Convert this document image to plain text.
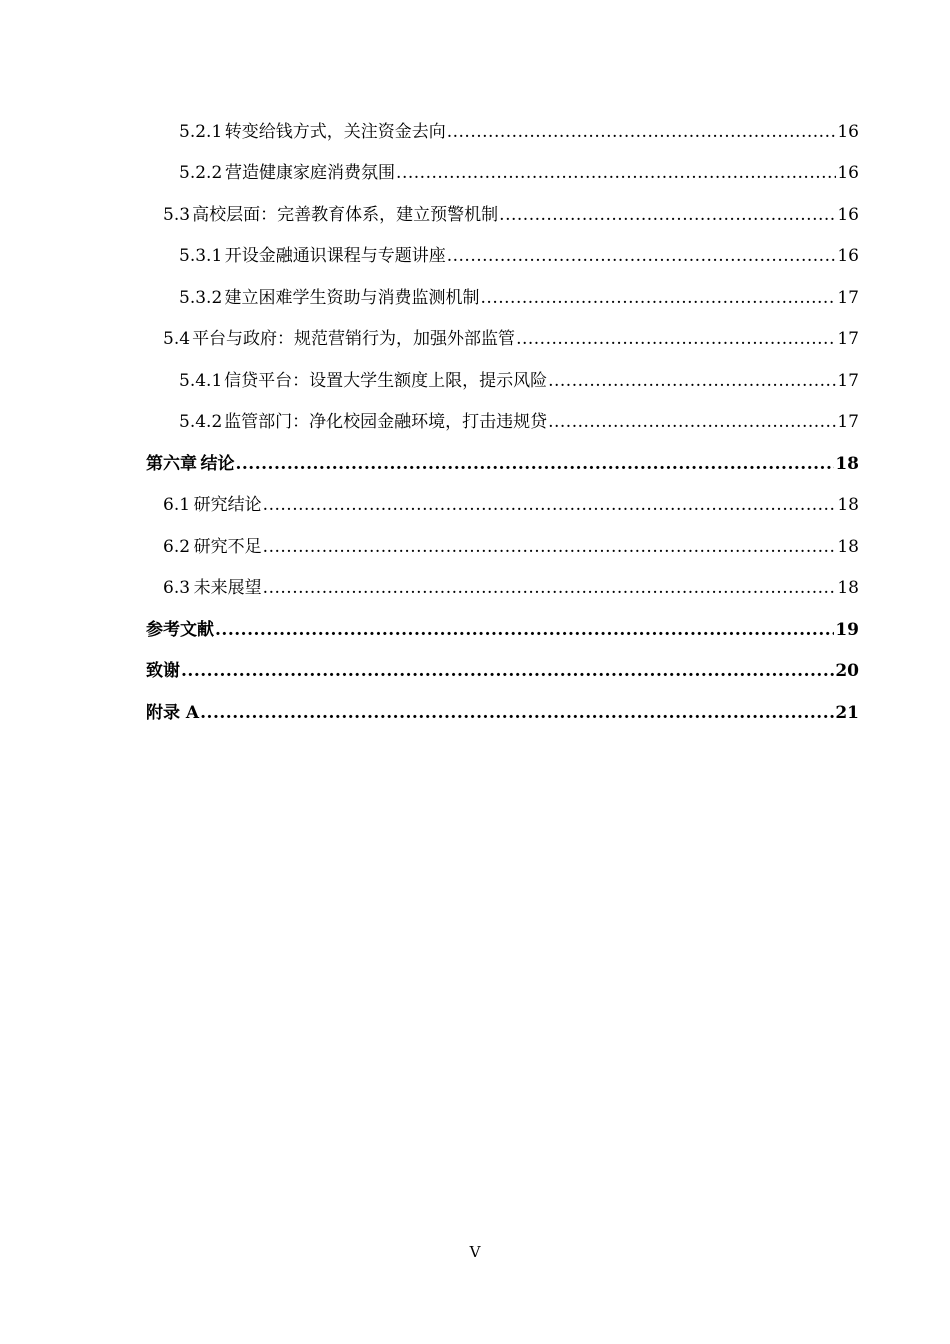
5.2.1 转变给钱方式，关注资金去向 .....	16
5.2.2 营造健康家庭消费氛围 .....	16
5.3 高校层面：完善教育体系，建立预警机制 .....	16
5.3.1 开设金融通识课程与专题讲座 .....	16
5.3.2 建立困难学生资助与消费监测机制 .....	17
5.4 平台与政府：规范营销行为，加强外部监管 .....	17
5.4.1 信贷平台：设置大学生额度上限，提示风险 .....	17
5.4.2 监管部门：净化校园金融环境，打击违规贷 .....	17
第六章 结论 .....	18
6.1 研究结论 .....	18
6.2 研究不足 .....	18
6.3 未来展望 .....	18
参考文献 .....	19
致谢 .....	20
附录 A .....	21
V
